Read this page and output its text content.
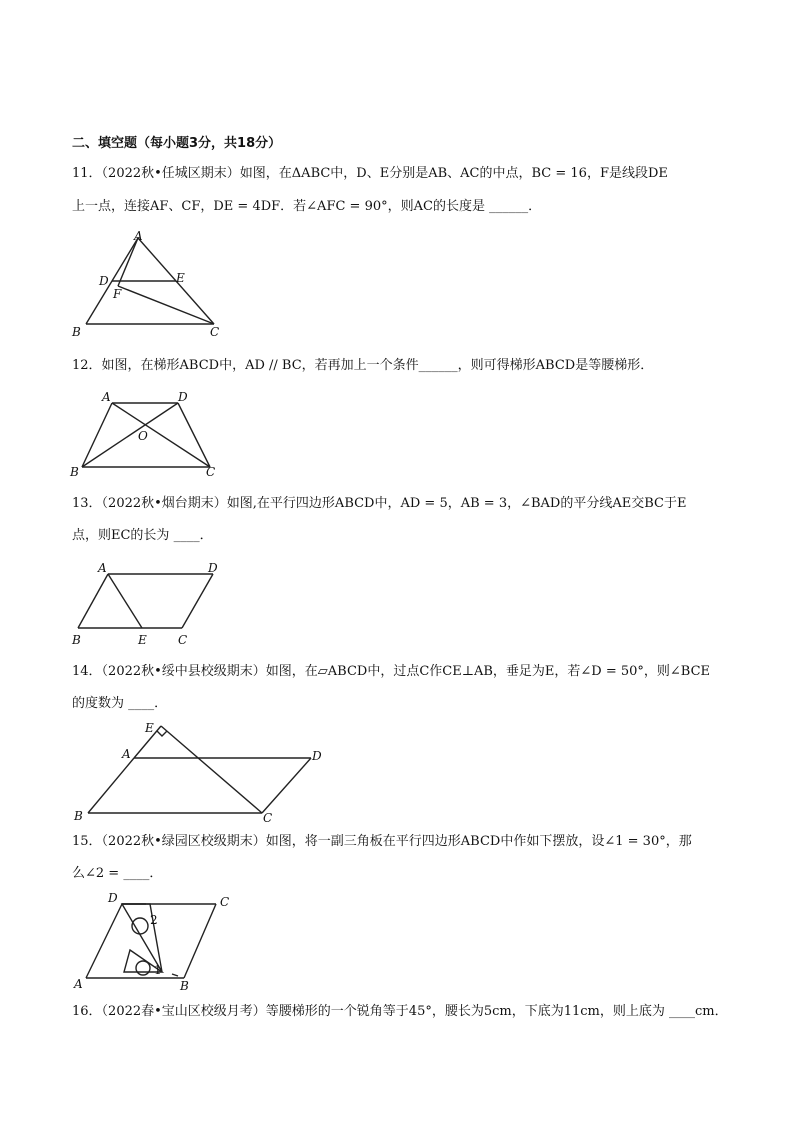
二、填空题（每小题3分，共18分）
11．（2022秋•任城区期末）如图，在ΔABC中，D、E分别是AB、AC的中点，BC = 16，F是线段DE
上一点，连接AF、CF，DE = 4DF．若∠AFC = 90°，则AC的长度是 ______．
A
D	E
F
B	C
12．如图，在梯形ABCD中，AD // BC，若再加上一个条件______，则可得梯形ABCD是等腰梯形．
A	D
O
B	C
13．（2022秋•烟台期末）如图,在平行四边形ABCD中，AD = 5，AB = 3，∠BAD的平分线AE交BC于E
点，则EC的长为 ____．
A	D
B	E	C
14．（2022秋•绥中县校级期末）如图，在▱ABCD中，过点C作CE⊥AB，垂足为E，若∠D = 50°，则∠BCE
的度数为 ____．
E
A	D
B	C
15．（2022秋•绿园区校级期末）如图，将一副三角板在平行四边形ABCD中作如下摆放，设∠1 = 30°，那
么∠2 = ____．
D	C
2
1
A	B
16．（2022春•宝山区校级月考）等腰梯形的一个锐角等于45°，腰长为5cm，下底为11cm，则上底为 ____cm．
